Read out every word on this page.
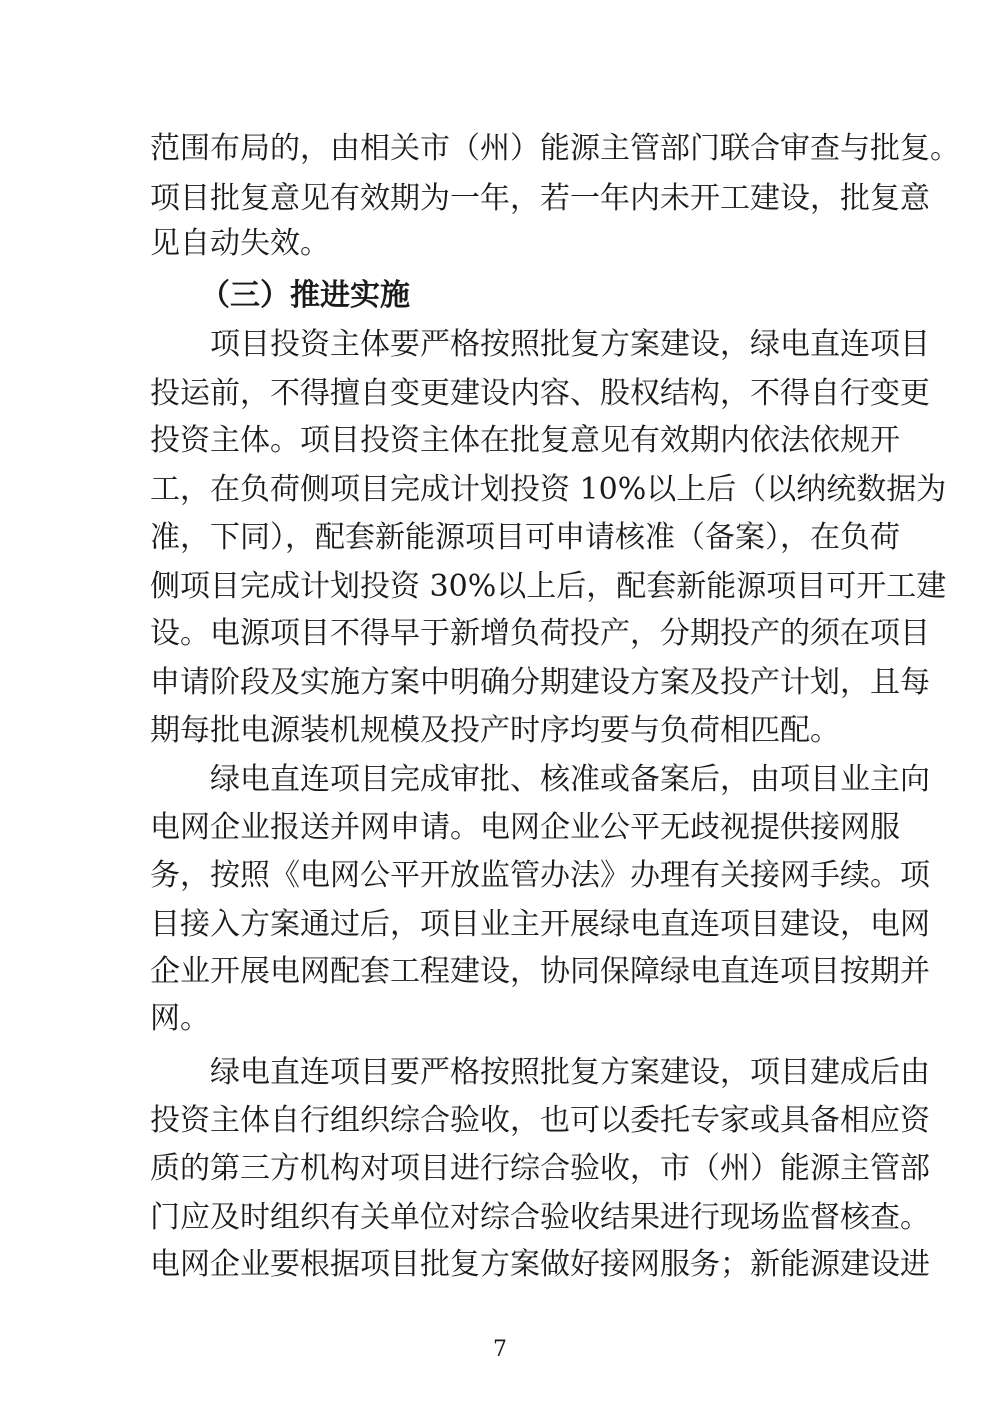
范围布局的，由相关市（州）能源主管部门联合审查与批复。
项目批复意见有效期为一年，若一年内未开工建设，批复意
见自动失效。
（三）推进实施
项目投资主体要严格按照批复方案建设，绿电直连项目
投运前，不得擅自变更建设内容、股权结构，不得自行变更
投资主体。项目投资主体在批复意见有效期内依法依规开
工，在负荷侧项目完成计划投资 10%以上后（以纳统数据为
准，下同），配套新能源项目可申请核准（备案），在负荷
侧项目完成计划投资 30%以上后，配套新能源项目可开工建
设。电源项目不得早于新增负荷投产，分期投产的须在项目
申请阶段及实施方案中明确分期建设方案及投产计划，且每
期每批电源装机规模及投产时序均要与负荷相匹配。
绿电直连项目完成审批、核准或备案后，由项目业主向
电网企业报送并网申请。电网企业公平无歧视提供接网服
务，按照《电网公平开放监管办法》办理有关接网手续。项
目接入方案通过后，项目业主开展绿电直连项目建设，电网
企业开展电网配套工程建设，协同保障绿电直连项目按期并
网。
绿电直连项目要严格按照批复方案建设，项目建成后由
投资主体自行组织综合验收，也可以委托专家或具备相应资
质的第三方机构对项目进行综合验收，市（州）能源主管部
门应及时组织有关单位对综合验收结果进行现场监督核查。
电网企业要根据项目批复方案做好接网服务；新能源建设进
7
